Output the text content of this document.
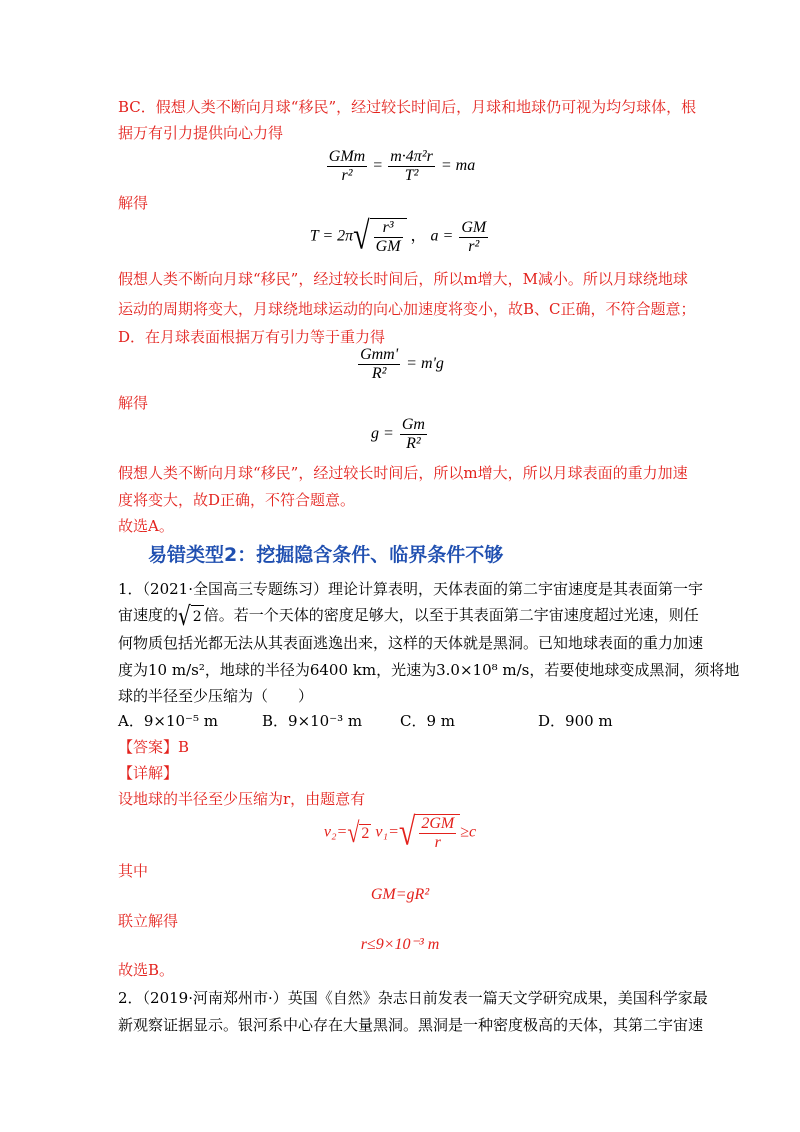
BC．假想人类不断向月球“移民”，经过较长时间后，月球和地球仍可视为均匀球体，根
据万有引力提供向心力得
$\frac{\text{GMm}}{\text{r²}} = \frac{\text{m·4π²r}}{\text{T²}}$ = ma
解得
$T = 2\pi√ \frac{\text{r³}}{GM}$ ， $a = \frac{GM}{\text{r²}}$
假想人类不断向月球“移民”，经过较长时间后，所以m增大，M减小。所以月球绕地球
运动的周期将变大，月球绕地球运动的向心加速度将变小，故B、C正确，不符合题意；
D．在月球表面根据万有引力等于重力得
$\frac{\text{Gmm'}}{\text{R²}} = m'g$
解得
$g = \frac{Gm}{\text{R²}}$
假想人类不断向月球“移民”，经过较长时间后，所以m增大，所以月球表面的重力加速
度将变大，故D正确，不符合题意。
故选A。
易错类型2：挖掘隐含条件、临界条件不够
1．（2021·全国高三专题练习）理论计算表明，天体表面的第二宇宙速度是其表面第一宇
宙速度的√ 2 倍。若一个天体的密度足够大，以至于其表面第二宇宙速度超过光速，则任
何物质包括光都无法从其表面逃逸出来，这样的天体就是黑洞。已知地球表面的重力加速
度为10 m/s²，地球的半径为6400 km，光速为3.0×10⁸ m/s，若要使地球变成黑洞，须将地
球的半径至少压缩为（　　）
A．9×10⁻⁵ m	B．9×10⁻³ m	C．9 m	D．900 m
【答案】B
【详解】
设地球的半径至少压缩为r，由题意有
v₂=√ 2 $v_1=√ \frac{2GM}{r} \ge c$
其中
GM=gR²
联立解得
r≤9×10⁻³ m
故选B。
2．（2019·河南郑州市·）英国《自然》杂志日前发表一篇天文学研究成果，美国科学家最
新观察证据显示。银河系中心存在大量黑洞。黑洞是一种密度极高的天体，其第二宇宙速
